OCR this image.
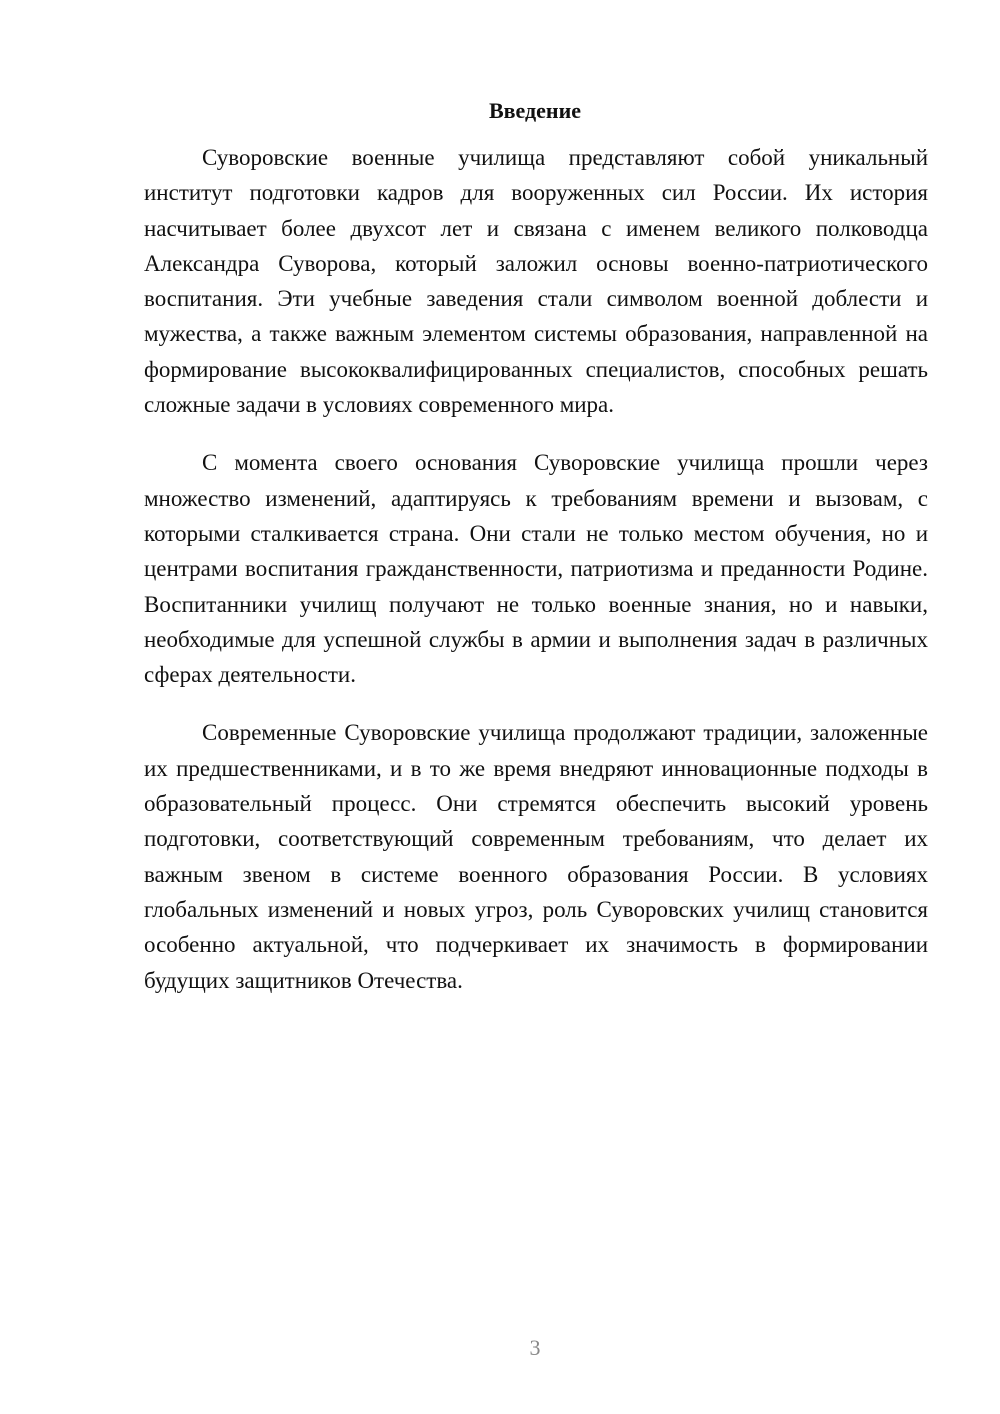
Введение

Суворовские военные училища представляют собой уникальный институт подготовки кадров для вооруженных сил России. Их история насчитывает более двухсот лет и связана с именем великого полководца Александра Суворова, который заложил основы военно-патриотического воспитания. Эти учебные заведения стали символом военной доблести и мужества, а также важным элементом системы образования, направленной на формирование высококвалифицированных специалистов, способных решать сложные задачи в условиях современного мира.

С момента своего основания Суворовские училища прошли через множество изменений, адаптируясь к требованиям времени и вызовам, с которыми сталкивается страна. Они стали не только местом обучения, но и центрами воспитания гражданственности, патриотизма и преданности Родине. Воспитанники училищ получают не только военные знания, но и навыки, необходимые для успешной службы в армии и выполнения задач в различных сферах деятельности.

Современные Суворовские училища продолжают традиции, заложенные их предшественниками, и в то же время внедряют инновационные подходы в образовательный процесс. Они стремятся обеспечить высокий уровень подготовки, соответствующий современным требованиям, что делает их важным звеном в системе военного образования России. В условиях глобальных изменений и новых угроз, роль Суворовских училищ становится особенно актуальной, что подчеркивает их значимость в формировании будущих защитников Отечества.

3
